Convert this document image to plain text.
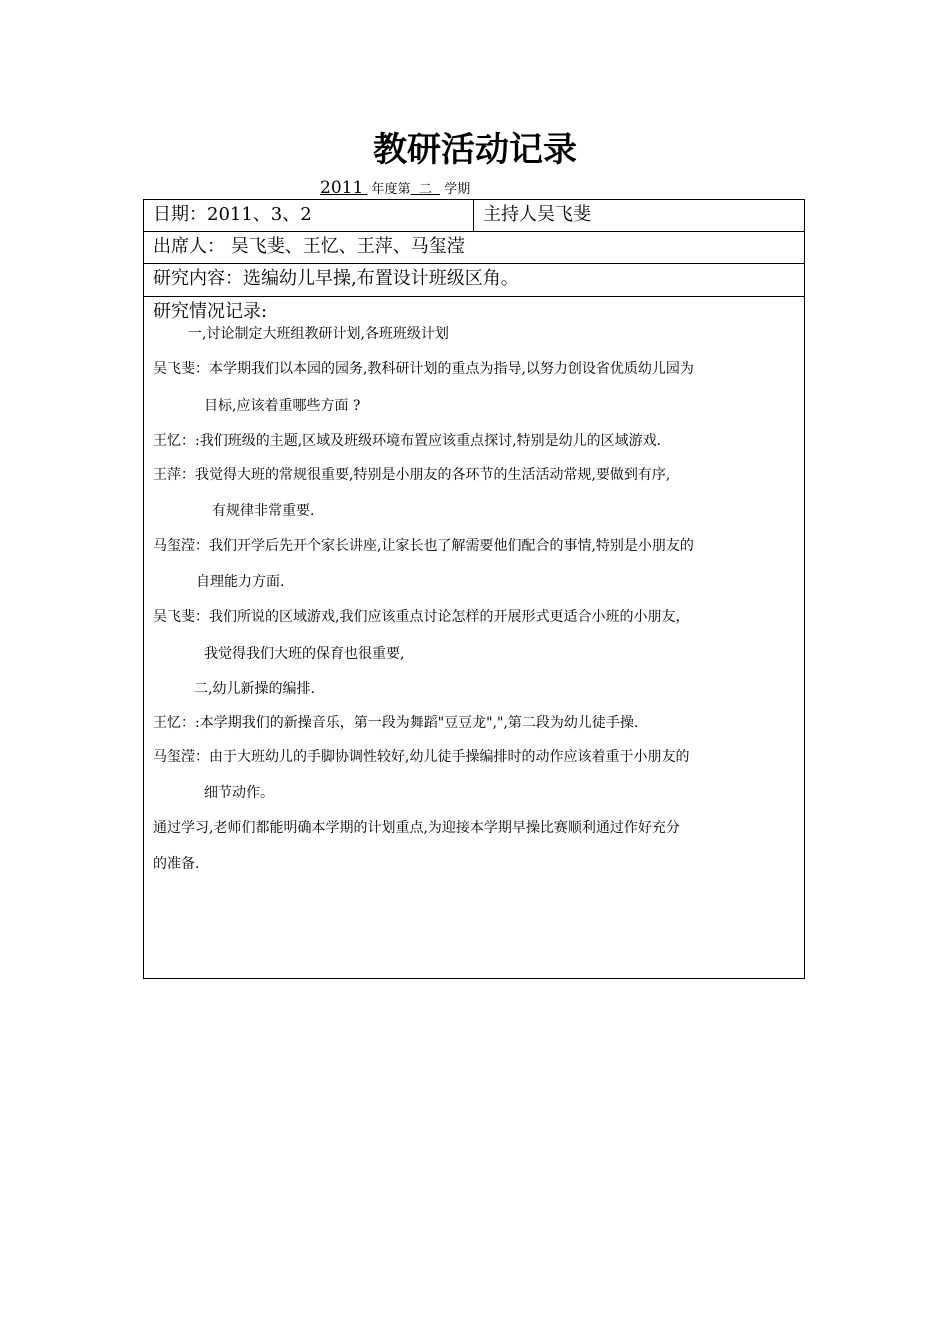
教研活动记录
2011 年度第 二 学期
日期：2011、3、2	主持人吴飞斐
出席人： 吴飞斐、王忆、王萍、马玺滢
研究内容：选编幼儿早操,布置设计班级区角。
研究情况记录:
一,讨论制定大班组教研计划,各班班级计划
吴飞斐：本学期我们以本园的园务,教科研计划的重点为指导,以努力创设省优质幼儿园为
目标,应该着重哪些方面 ?
王忆：:我们班级的主题,区域及班级环境布置应该重点探讨,特别是幼儿的区域游戏.
王萍：我觉得大班的常规很重要,特别是小朋友的各环节的生活活动常规,要做到有序,
有规律非常重要.
马玺滢：我们开学后先开个家长讲座,让家长也了解需要他们配合的事情,特别是小朋友的
自理能力方面.
吴飞斐：我们所说的区域游戏,我们应该重点讨论怎样的开展形式更适合小班的小朋友，
我觉得我们大班的保育也很重要,
二,幼儿新操的编排.
王忆：:本学期我们的新操音乐，第一段为舞蹈"豆豆龙",",第二段为幼儿徒手操.
马玺滢：由于大班幼儿的手脚协调性较好,幼儿徒手操编排时的动作应该着重于小朋友的
细节动作。
通过学习,老师们都能明确本学期的计划重点,为迎接本学期早操比赛顺利通过作好充分
的准备.
